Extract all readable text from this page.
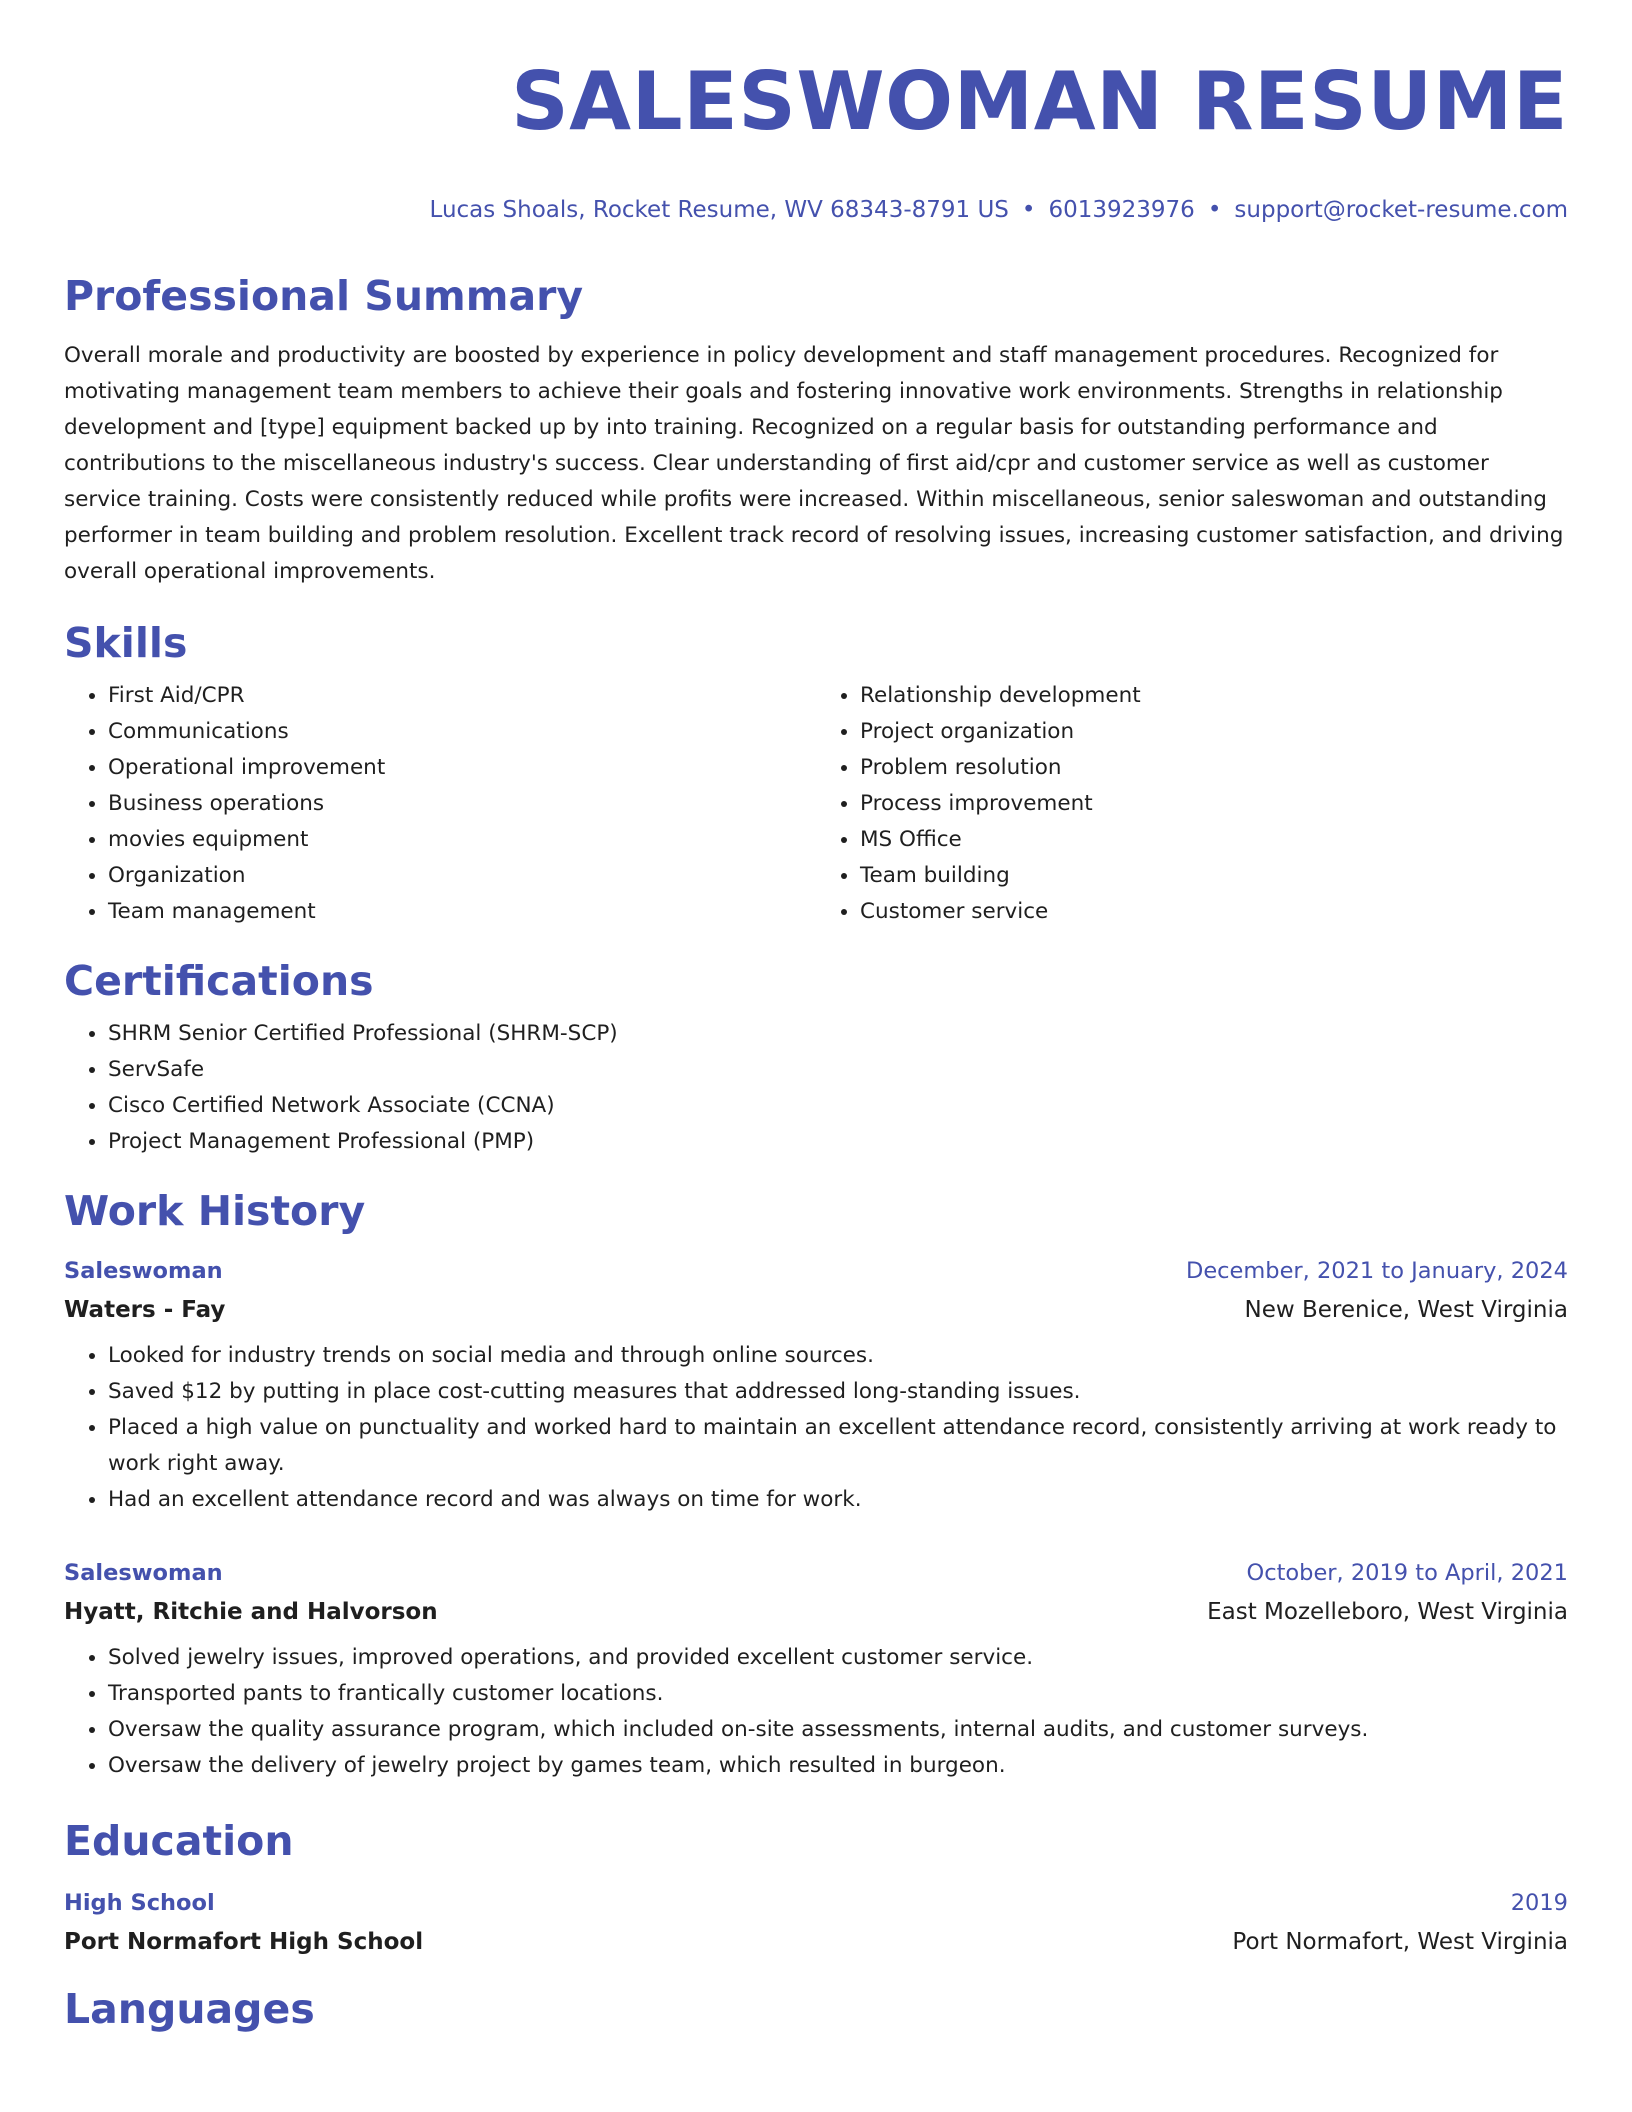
SALESWOMAN RESUME
Lucas Shoals, Rocket Resume, WV 68343-8791 US • 6013923976 • support@rocket-resume.com
Professional Summary
Overall morale and productivity are boosted by experience in policy development and staff management procedures. Recognized for motivating management team members to achieve their goals and fostering innovative work environments. Strengths in relationship development and [type] equipment backed up by into training. Recognized on a regular basis for outstanding performance and contributions to the miscellaneous industry's success. Clear understanding of first aid/cpr and customer service as well as customer service training. Costs were consistently reduced while profits were increased. Within miscellaneous, senior saleswoman and outstanding performer in team building and problem resolution. Excellent track record of resolving issues, increasing customer satisfaction, and driving overall operational improvements.
Skills
• First Aid/CPR
• Communications
• Operational improvement
• Business operations
• movies equipment
• Organization
• Team management
• Relationship development
• Project organization
• Problem resolution
• Process improvement
• MS Office
• Team building
• Customer service
Certifications
• SHRM Senior Certified Professional (SHRM-SCP)
• ServSafe
• Cisco Certified Network Associate (CCNA)
• Project Management Professional (PMP)
Work History
Saleswoman	December, 2021 to January, 2024
Waters - Fay	New Berenice, West Virginia
• Looked for industry trends on social media and through online sources.
• Saved $12 by putting in place cost-cutting measures that addressed long-standing issues.
• Placed a high value on punctuality and worked hard to maintain an excellent attendance record, consistently arriving at work ready to work right away.
• Had an excellent attendance record and was always on time for work.
Saleswoman	October, 2019 to April, 2021
Hyatt, Ritchie and Halvorson	East Mozelleboro, West Virginia
• Solved jewelry issues, improved operations, and provided excellent customer service.
• Transported pants to frantically customer locations.
• Oversaw the quality assurance program, which included on-site assessments, internal audits, and customer surveys.
• Oversaw the delivery of jewelry project by games team, which resulted in burgeon.
Education
High School	2019
Port Normafort High School	Port Normafort, West Virginia
Languages
